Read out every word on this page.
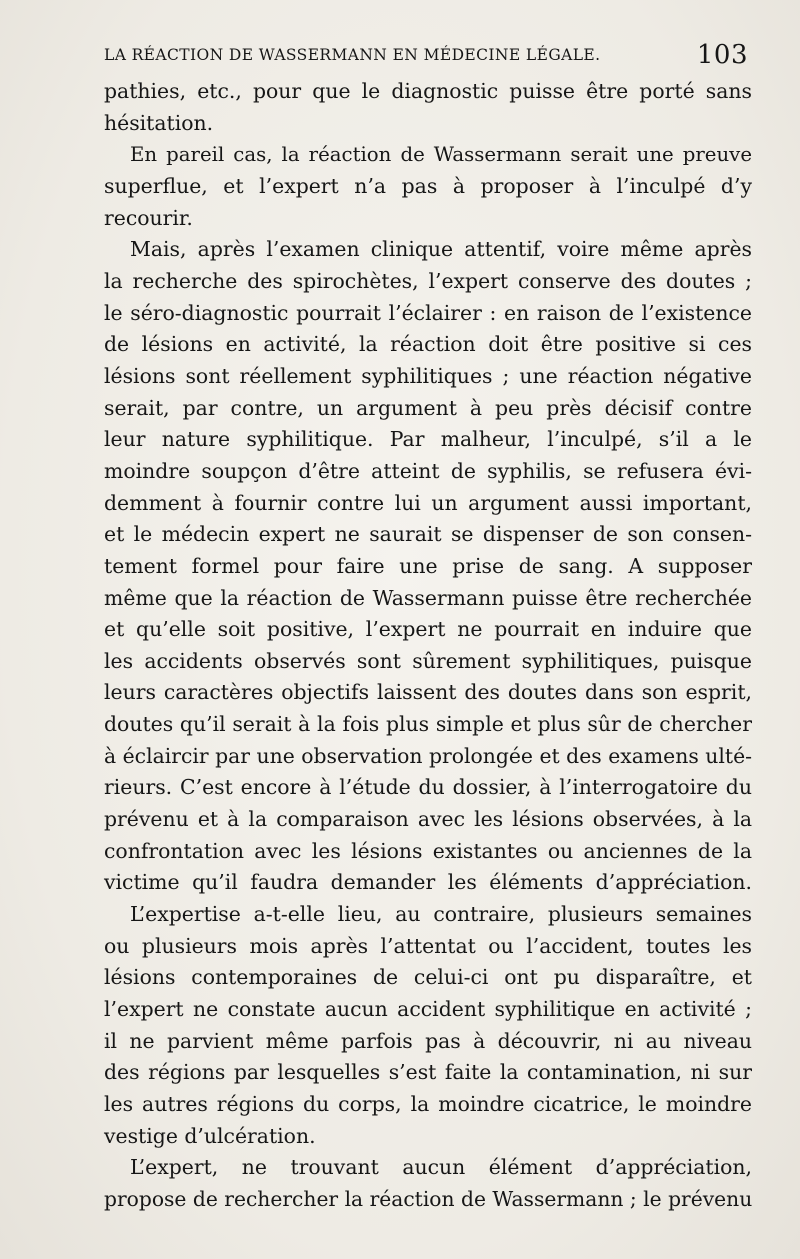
LA RÉACTION DE WASSERMANN EN MÉDECINE LÉGALE.	103
pathies, etc., pour que le diagnostic puisse être porté sans
hésitation.
En pareil cas, la réaction de Wassermann serait une preuve
superflue, et l’expert n’a pas à proposer à l’inculpé d’y
recourir.
Mais, après l’examen clinique attentif, voire même après
la recherche des spirochètes, l’expert conserve des doutes ;
le séro-diagnostic pourrait l’éclairer : en raison de l’existence
de lésions en activité, la réaction doit être positive si ces
lésions sont réellement syphilitiques ; une réaction négative
serait, par contre, un argument à peu près décisif contre
leur nature syphilitique. Par malheur, l’inculpé, s’il a le
moindre soupçon d’être atteint de syphilis, se refusera évi-
demment à fournir contre lui un argument aussi important,
et le médecin expert ne saurait se dispenser de son consen-
tement formel pour faire une prise de sang. A supposer
même que la réaction de Wassermann puisse être recherchée
et qu’elle soit positive, l’expert ne pourrait en induire que
les accidents observés sont sûrement syphilitiques, puisque
leurs caractères objectifs laissent des doutes dans son esprit,
doutes qu’il serait à la fois plus simple et plus sûr de chercher
à éclaircir par une observation prolongée et des examens ulté-
rieurs. C’est encore à l’étude du dossier, à l’interrogatoire du
prévenu et à la comparaison avec les lésions observées, à la
confrontation avec les lésions existantes ou anciennes de la
victime qu’il faudra demander les éléments d’appréciation.
L’expertise a-t-elle lieu, au contraire, plusieurs semaines
ou plusieurs mois après l’attentat ou l’accident, toutes les
lésions contemporaines de celui-ci ont pu disparaître, et
l’expert ne constate aucun accident syphilitique en activité ;
il ne parvient même parfois pas à découvrir, ni au niveau
des régions par lesquelles s’est faite la contamination, ni sur
les autres régions du corps, la moindre cicatrice, le moindre
vestige d’ulcération.
L’expert, ne trouvant aucun élément d’appréciation,
propose de rechercher la réaction de Wassermann ; le prévenu
